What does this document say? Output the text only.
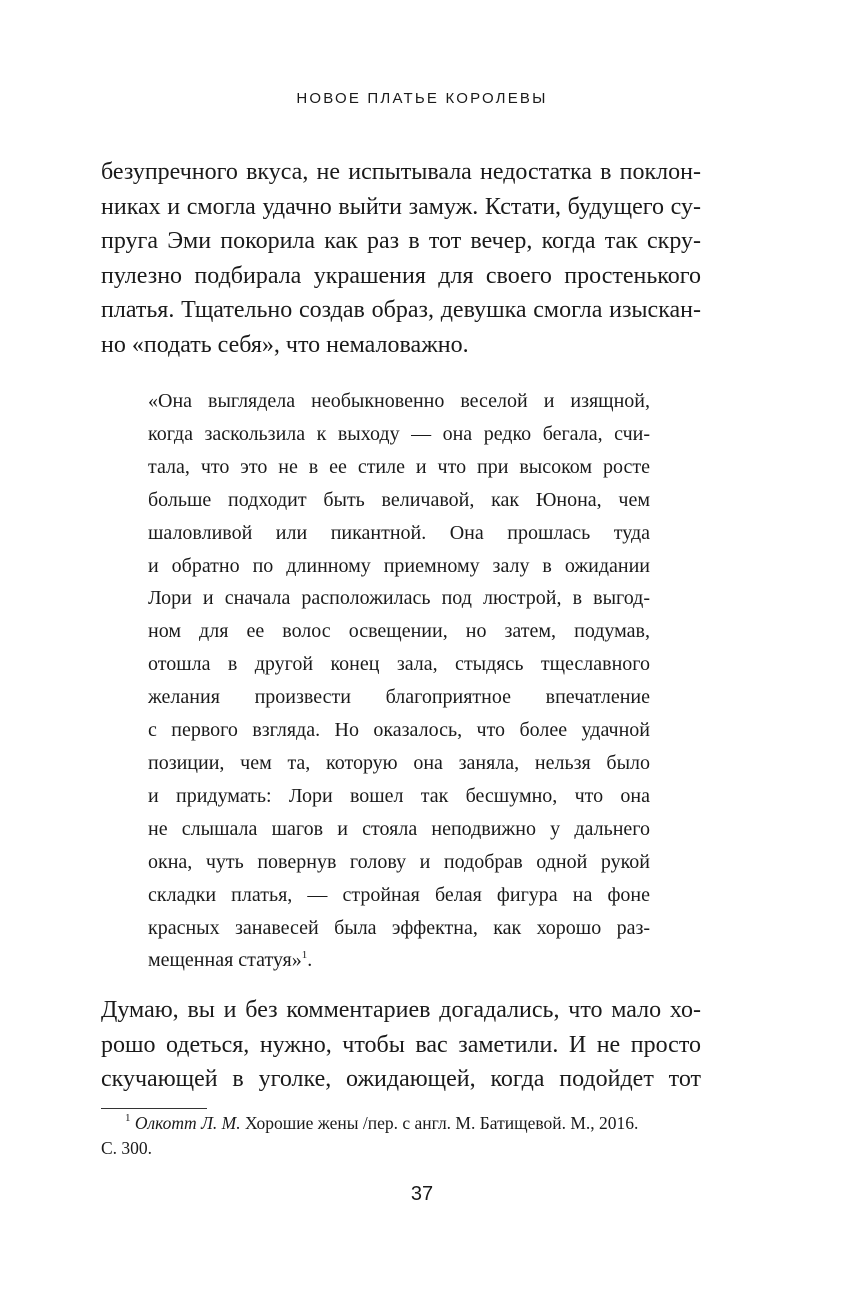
НОВОЕ ПЛАТЬЕ КОРОЛЕВЫ
безупречного вкуса, не испытывала недостатка в поклон-
никах и смогла удачно выйти замуж. Кстати, будущего су-
пруга Эми покорила как раз в тот вечер, когда так скру-
пулезно подбирала украшения для своего простенького
платья. Тщательно создав образ, девушка смогла изыскан-
но «подать себя», что немаловажно.
«Она выглядела необыкновенно веселой и изящной,
когда заскользила к выходу — она редко бегала, счи-
тала, что это не в ее стиле и что при высоком росте
больше подходит быть величавой, как Юнона, чем
шаловливой или пикантной. Она прошлась туда
и обратно по длинному приемному залу в ожидании
Лори и сначала расположилась под люстрой, в выгод-
ном для ее волос освещении, но затем, подумав,
отошла в другой конец зала, стыдясь тщеславного
желания произвести благоприятное впечатление
с первого взгляда. Но оказалось, что более удачной
позиции, чем та, которую она заняла, нельзя было
и придумать: Лори вошел так бесшумно, что она
не слышала шагов и стояла неподвижно у дальнего
окна, чуть повернув голову и подобрав одной рукой
складки платья, — стройная белая фигура на фоне
красных занавесей была эффектна, как хорошо раз-
мещенная статуя»$^1$.
Думаю, вы и без комментариев догадались, что мало хо-
рошо одеться, нужно, чтобы вас заметили. И не просто
скучающей в уголке, ожидающей, когда подойдет тот
$^1$ Олкотт Л. М. Хорошие жены /пер. с англ. М. Батищевой. М., 2016.
С. 300.
37
